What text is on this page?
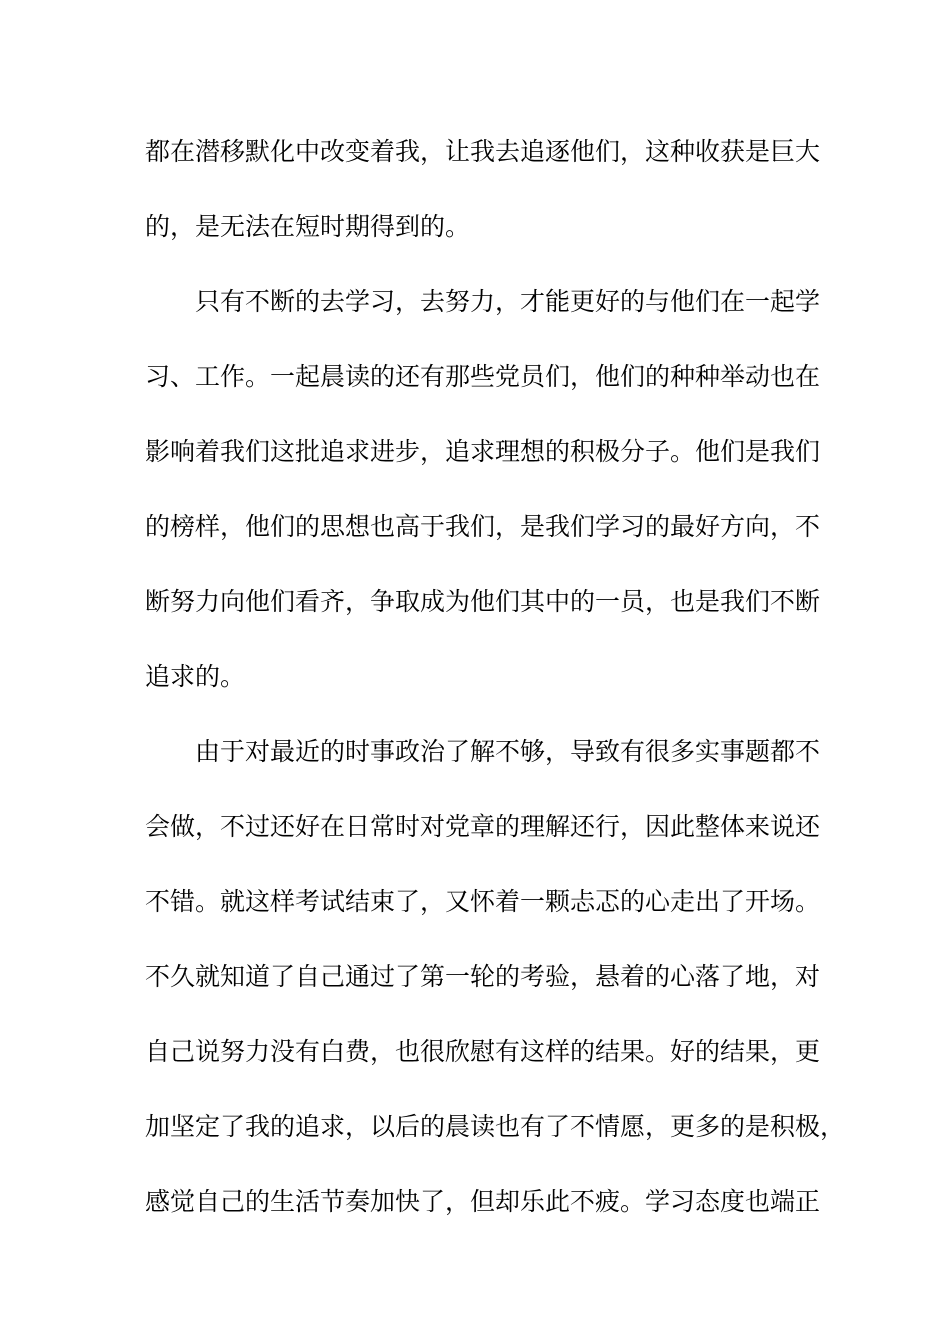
都在潜移默化中改变着我，让我去追逐他们，这种收获是巨大
的，是无法在短时期得到的。
只有不断的去学习，去努力，才能更好的与他们在一起学
习、工作。一起晨读的还有那些党员们，他们的种种举动也在
影响着我们这批追求进步，追求理想的积极分子。他们是我们
的榜样，他们的思想也高于我们，是我们学习的最好方向，不
断努力向他们看齐，争取成为他们其中的一员，也是我们不断
追求的。
由于对最近的时事政治了解不够，导致有很多实事题都不
会做，不过还好在日常时对党章的理解还行，因此整体来说还
不错。就这样考试结束了，又怀着一颗忐忑的心走出了开场。
不久就知道了自己通过了第一轮的考验，悬着的心落了地，对
自己说努力没有白费，也很欣慰有这样的结果。好的结果，更
加坚定了我的追求，以后的晨读也有了不情愿，更多的是积极，
感觉自己的生活节奏加快了，但却乐此不疲。学习态度也端正
